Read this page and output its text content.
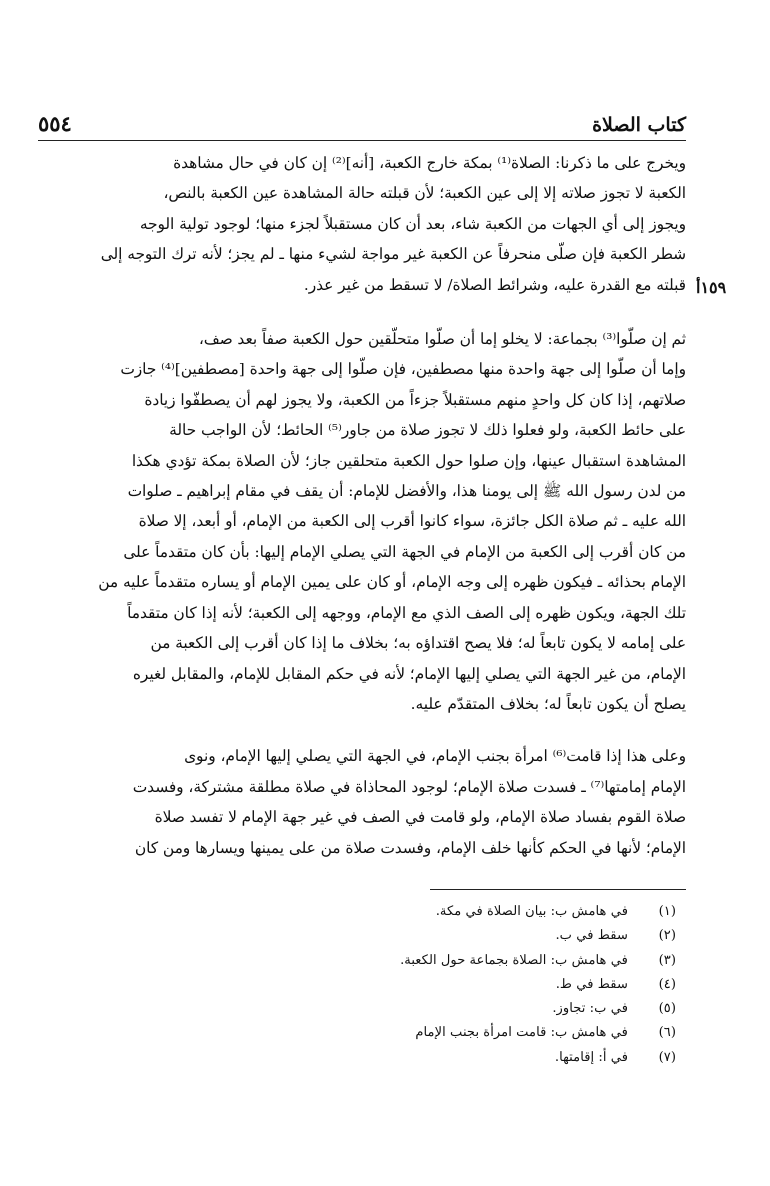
كتاب الصلاة
٥٥٤
١٥٩أ

ويخرج على ما ذكرنا: الصلاة⁽¹⁾ بمكة خارج الكعبة، [أنه]⁽²⁾ إن كان في حال مشاهدة

الكعبة لا تجوز صلاته إلا إلى عين الكعبة؛ لأن قبلته حالة المشاهدة عين الكعبة بالنص،

ويجوز إلى أي الجهات من الكعبة شاء، بعد أن كان مستقبلاً لجزء منها؛ لوجود تولية الوجه

شطر الكعبة فإن صلّى منحرفاً عن الكعبة غير مواجة لشيء منها ـ لم يجز؛ لأنه ترك التوجه إلى

قبلته مع القدرة عليه، وشرائط الصلاة/ لا تسقط من غير عذر.

ثم إن صلّوا⁽³⁾ بجماعة: لا يخلو إما أن صلّوا متحلّقين حول الكعبة صفاً بعد صف،

وإما أن صلّوا إلى جهة واحدة منها مصطفين، فإن صلّوا إلى جهة واحدة [مصطفين]⁽⁴⁾ جازت

صلاتهم، إذا كان كل واحدٍ منهم مستقبلاً جزءاً من الكعبة، ولا يجوز لهم أن يصطفّوا زيادة

على حائط الكعبة، ولو فعلوا ذلك لا تجوز صلاة من جاور⁽⁵⁾ الحائط؛ لأن الواجب حالة

المشاهدة استقبال عينها، وإن صلوا حول الكعبة متحلقين جاز؛ لأن الصلاة بمكة تؤدي هكذا

من لدن رسول الله ﷺ إلى يومنا هذا، والأفضل للإمام: أن يقف في مقام إبراهيم ـ صلوات

الله عليه ـ ثم صلاة الكل جائزة، سواء كانوا أقرب إلى الكعبة من الإمام، أو أبعد، إلا صلاة

من كان أقرب إلى الكعبة من الإمام في الجهة التي يصلي الإمام إليها: بأن كان متقدماً على

الإمام بحذائه ـ فيكون ظهره إلى وجه الإمام، أو كان على يمين الإمام أو يساره متقدماً عليه من

تلك الجهة، ويكون ظهره إلى الصف الذي مع الإمام، ووجهه إلى الكعبة؛ لأنه إذا كان متقدماً

على إمامه لا يكون تابعاً له؛ فلا يصح اقتداؤه به؛ بخلاف ما إذا كان أقرب إلى الكعبة من

الإمام، من غير الجهة التي يصلي إليها الإمام؛ لأنه في حكم المقابل للإمام، والمقابل لغيره

يصلح أن يكون تابعاً له؛ بخلاف المتقدّم عليه.

وعلى هذا إذا قامت⁽⁶⁾ امرأة بجنب الإمام، في الجهة التي يصلي إليها الإمام، ونوى

الإمام إمامتها⁽⁷⁾ ـ فسدت صلاة الإمام؛ لوجود المحاذاة في صلاة مطلقة مشتركة، وفسدت

صلاة القوم بفساد صلاة الإمام، ولو قامت في الصف في غير جهة الإمام لا تفسد صلاة

الإمام؛ لأنها في الحكم كأنها خلف الإمام، وفسدت صلاة من على يمينها ويسارها ومن كان

(١)
في هامش ب: بيان الصلاة في مكة.
(٢)
سقط في ب.
(٣)
في هامش ب: الصلاة بجماعة حول الكعبة.
(٤)
سقط في ط.
(٥)
في ب: تجاوز.
(٦)
في هامش ب: قامت امرأة بجنب الإمام
(٧)
في أ: إقامتها.
